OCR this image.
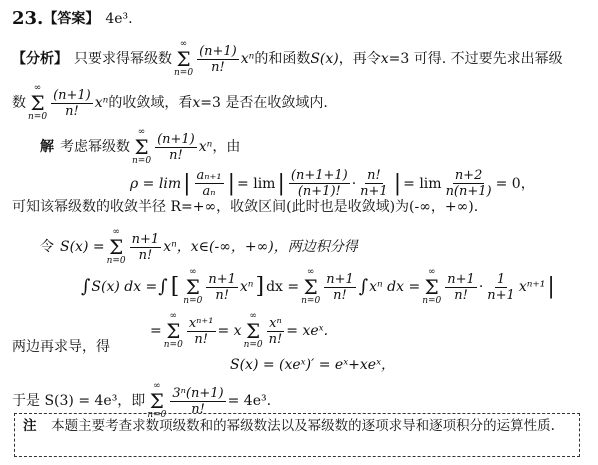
23. 【答案】 4e³.
【分析】 只要求得幂级数
∞
Σ
$n=0 \frac{(n+1)}{n!}$ xⁿ 的和函数 S(x) ，再令 x =3 可得. 不过要先求出幂级
数
∞
Σ
$n=0 \frac{(n+1)}{n!}$ xⁿ 的收敛域，看 x =3 是否在收敛域内.
解 考虑幂级数
∞
Σ
$n=0 \frac{(n+1)}{n!}$ xⁿ ，由
ρ = lim | $\frac{\text{aₙ₊₁}}{\text{aₙ}}$ | = lim | $\frac{(n+1+1)}{(n+1)!} \cdot \frac{n!}{n+1}$ | = $\lim \frac{n+2}{n(n+1)} = 0$，
可知该幂级数的收敛半径 R=+∞，收敛区间(此时也是收敛域)为(-∞，+∞).
令 S(x) =
∞
Σ
$n=0 \frac{n+1}{n!}$ xⁿ，x∈(-∞，+∞)，两边积分得
∫ S(x) dx = ∫ [
∞
Σ
$n=0 \frac{n+1}{n!}$ xⁿ ] dx =
∞
Σ
$n=0 \frac{n+1}{n!}$ ∫ xⁿ dx =
∞
Σ
$n=0 \frac{n+1}{n!} \cdot \frac{1}{n+1} x^{n+1}$ |
=
∞
Σ
$n=0 \frac{\text{xⁿ⁺¹}}{n!} = x$
∞
Σ
$n=0 \frac{\text{xⁿ}}{n!}$ = xeˣ.
两边再求导，得
S(x) = (xeˣ)′ = eˣ+xeˣ，
于是 S(3) = 4e³，即
∞
Σ
$n=0 \frac{\text{3ⁿ(n+1)}}{n!} = 4e^3$.
注 本题主要考查求数项级数和的幂级数法以及幂级数的逐项求导和逐项积分的运算性质.
